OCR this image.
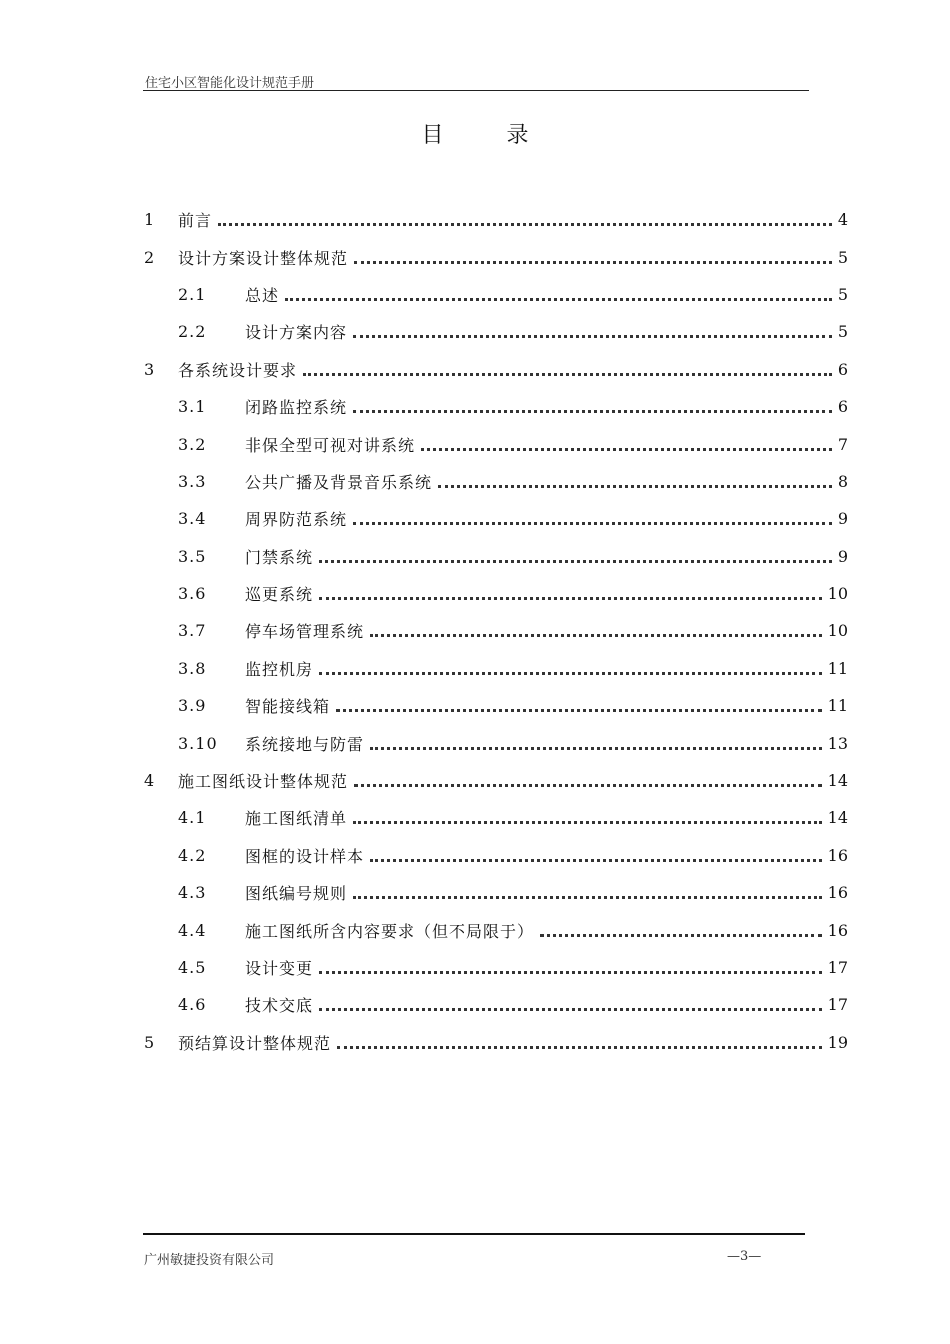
住宅小区智能化设计规范手册
目 录
1	前言	4
2	设计方案设计整体规范	5
2.1	总述	5
2.2	设计方案内容	5
3	各系统设计要求	6
3.1	闭路监控系统	6
3.2	非保全型可视对讲系统	7
3.3	公共广播及背景音乐系统	8
3.4	周界防范系统	9
3.5	门禁系统	9
3.6	巡更系统	10
3.7	停车场管理系统	10
3.8	监控机房	11
3.9	智能接线箱	11
3.10	系统接地与防雷	13
4	施工图纸设计整体规范	14
4.1	施工图纸清单	14
4.2	图框的设计样本	16
4.3	图纸编号规则	16
4.4	施工图纸所含内容要求（但不局限于）	16
4.5	设计变更	17
4.6	技术交底	17
5	预结算设计整体规范	19
广州敏捷投资有限公司	—3—
